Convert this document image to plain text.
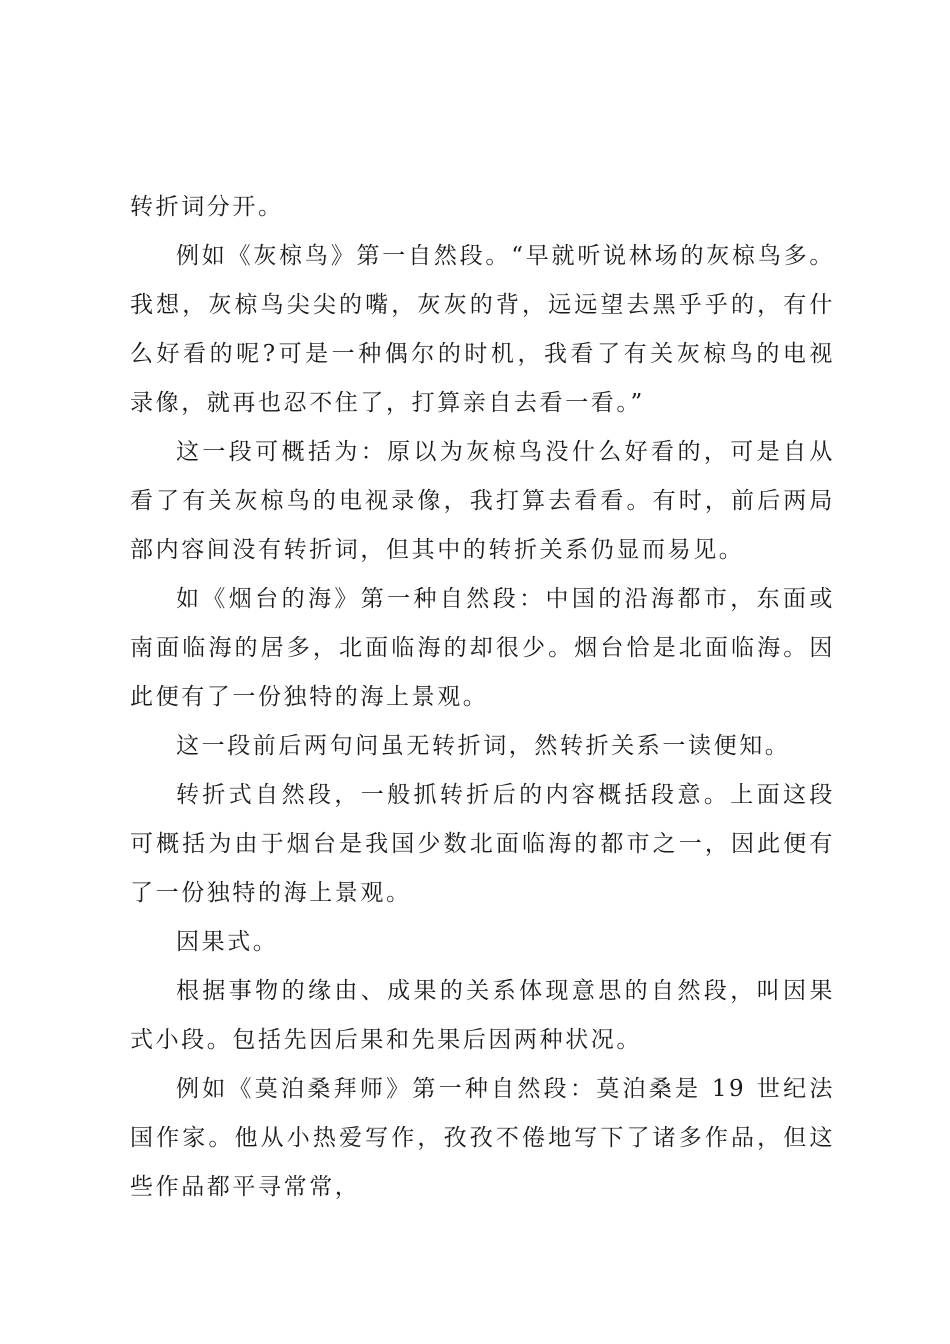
转折词分开。

例如《灰椋鸟》第一自然段。“早就听说林场的灰椋鸟多。我想，灰椋鸟尖尖的嘴，灰灰的背，远远望去黑乎乎的，有什么好看的呢?可是一种偶尔的时机，我看了有关灰椋鸟的电视录像，就再也忍不住了，打算亲自去看一看。”

这一段可概括为：原以为灰椋鸟没什么好看的，可是自从看了有关灰椋鸟的电视录像，我打算去看看。有时，前后两局部内容间没有转折词，但其中的转折关系仍显而易见。

如《烟台的海》第一种自然段：中国的沿海都市，东面或南面临海的居多，北面临海的却很少。烟台恰是北面临海。因此便有了一份独特的海上景观。

这一段前后两句问虽无转折词，然转折关系一读便知。

转折式自然段，一般抓转折后的内容概括段意。上面这段可概括为由于烟台是我国少数北面临海的都市之一，因此便有了一份独特的海上景观。

因果式。

根据事物的缘由、成果的关系体现意思的自然段，叫因果式小段。包括先因后果和先果后因两种状况。

例如《莫泊桑拜师》第一种自然段：莫泊桑是 19 世纪法国作家。他从小热爱写作，孜孜不倦地写下了诸多作品，但这些作品都平寻常常，
